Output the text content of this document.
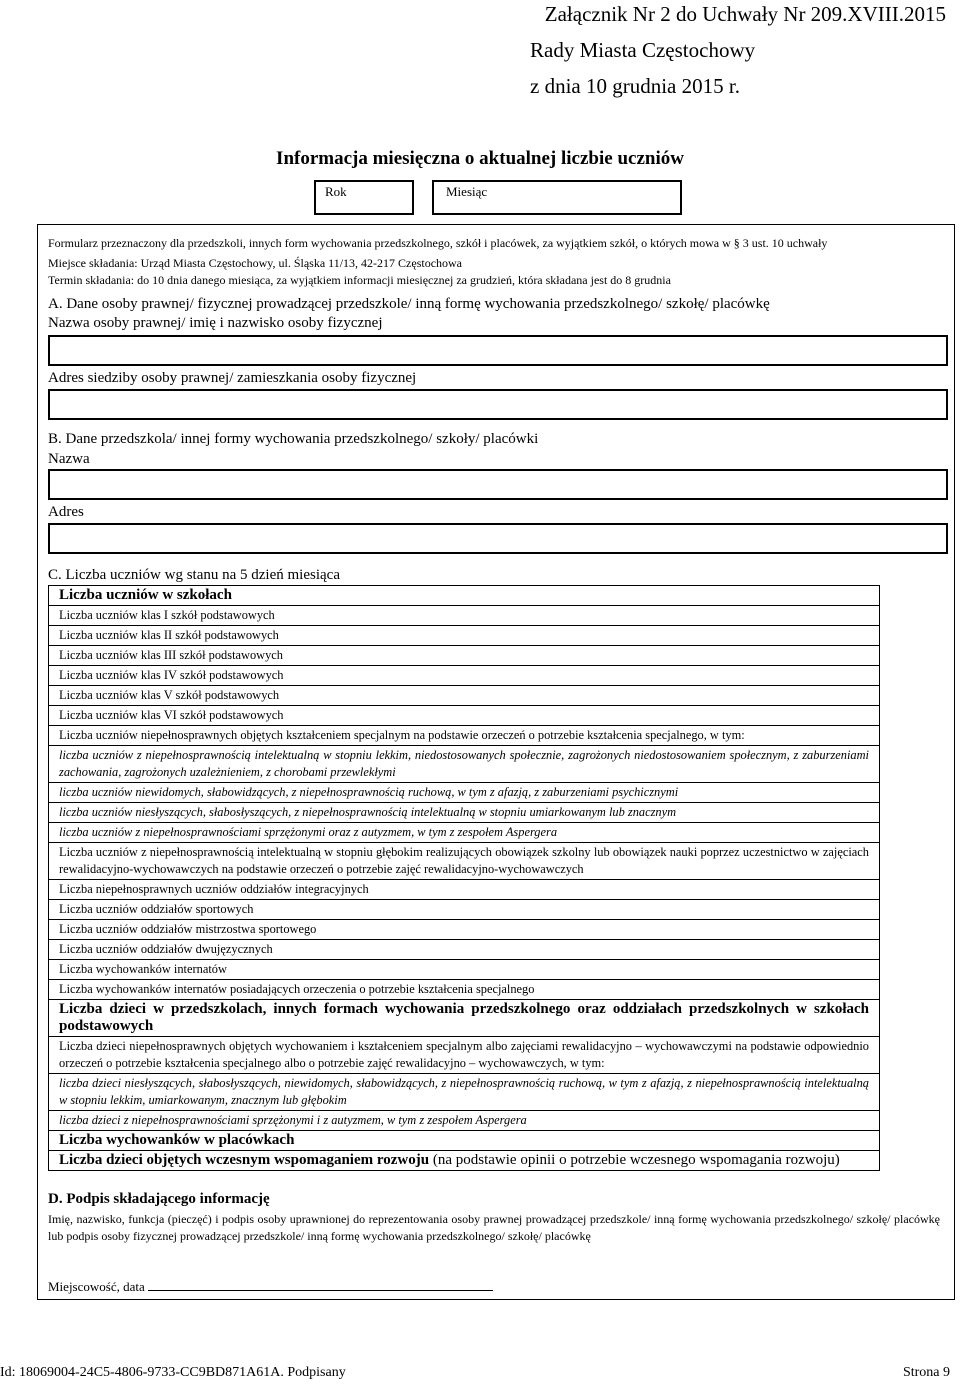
Załącznik Nr 2 do Uchwały Nr 209.XVIII.2015
Rady Miasta Częstochowy
z dnia 10 grudnia 2015 r.
Informacja miesięczna o aktualnej liczbie uczniów
Rok	Miesiąc
Formularz przeznaczony dla przedszkoli, innych form wychowania przedszkolnego, szkół i placówek, za wyjątkiem szkół, o których mowa w § 3 ust. 10 uchwały
Miejsce składania: Urząd Miasta Częstochowy, ul. Śląska 11/13, 42-217 Częstochowa
Termin składania: do 10 dnia danego miesiąca, za wyjątkiem informacji miesięcznej za grudzień, która składana jest do 8 grudnia
A. Dane osoby prawnej/ fizycznej prowadzącej przedszkole/ inną formę wychowania przedszkolnego/ szkołę/ placówkę
Nazwa osoby prawnej/ imię i nazwisko osoby fizycznej
Adres siedziby osoby prawnej/ zamieszkania osoby fizycznej
B. Dane przedszkola/ innej formy wychowania przedszkolnego/ szkoły/ placówki
Nazwa
Adres
C. Liczba uczniów wg stanu na 5 dzień miesiąca
Liczba uczniów w szkołach
Liczba uczniów klas I szkół podstawowych
Liczba uczniów klas II szkół podstawowych
Liczba uczniów klas III szkół podstawowych
Liczba uczniów klas IV szkół podstawowych
Liczba uczniów klas V szkół podstawowych
Liczba uczniów klas VI szkół podstawowych
Liczba uczniów niepełnosprawnych objętych kształceniem specjalnym na podstawie orzeczeń o potrzebie kształcenia specjalnego, w tym:
liczba uczniów z niepełnosprawnością intelektualną w stopniu lekkim, niedostosowanych społecznie, zagrożonych niedostosowaniem społecznym, z zaburzeniami zachowania, zagrożonych uzależnieniem, z chorobami przewlekłymi
liczba uczniów niewidomych, słabowidzących, z niepełnosprawnością ruchową, w tym z afazją, z zaburzeniami psychicznymi
liczba uczniów niesłyszących, słabosłyszących, z niepełnosprawnością intelektualną w stopniu umiarkowanym lub znacznym
liczba uczniów z niepełnosprawnościami sprzężonymi oraz z autyzmem, w tym z zespołem Aspergera
Liczba uczniów z niepełnosprawnością intelektualną w stopniu głębokim realizujących obowiązek szkolny lub obowiązek nauki poprzez uczestnictwo w zajęciach rewalidacyjno-wychowawczych na podstawie orzeczeń o potrzebie zajęć rewalidacyjno-wychowawczych
Liczba niepełnosprawnych uczniów oddziałów integracyjnych
Liczba uczniów oddziałów sportowych
Liczba uczniów oddziałów mistrzostwa sportowego
Liczba uczniów oddziałów dwujęzycznych
Liczba wychowanków internatów
Liczba wychowanków internatów posiadających orzeczenia o potrzebie kształcenia specjalnego
Liczba dzieci w przedszkolach, innych formach wychowania przedszkolnego oraz oddziałach przedszkolnych w szkołach podstawowych
Liczba dzieci niepełnosprawnych objętych wychowaniem i kształceniem specjalnym albo zajęciami rewalidacyjno – wychowawczymi na podstawie odpowiednio orzeczeń o potrzebie kształcenia specjalnego albo o potrzebie zajęć rewalidacyjno – wychowawczych, w tym:
liczba dzieci niesłyszących, słabosłyszących, niewidomych, słabowidzących, z niepełnosprawnością ruchową, w tym z afazją, z niepełnosprawnością intelektualną w stopniu lekkim, umiarkowanym, znacznym lub głębokim
liczba dzieci z niepełnosprawnościami sprzężonymi i z autyzmem, w tym z zespołem Aspergera
Liczba wychowanków w placówkach
Liczba dzieci objętych wczesnym wspomaganiem rozwoju (na podstawie opinii o potrzebie wczesnego wspomagania rozwoju)
D. Podpis składającego informację
Imię, nazwisko, funkcja (pieczęć) i podpis osoby uprawnionej do reprezentowania osoby prawnej prowadzącej przedszkole/ inną formę wychowania przedszkolnego/ szkołę/ placówkę lub podpis osoby fizycznej prowadzącej przedszkole/ inną formę wychowania przedszkolnego/ szkołę/ placówkę
Miejscowość, data
Id: 18069004-24C5-4806-9733-CC9BD871A61A. Podpisany	Strona 9
